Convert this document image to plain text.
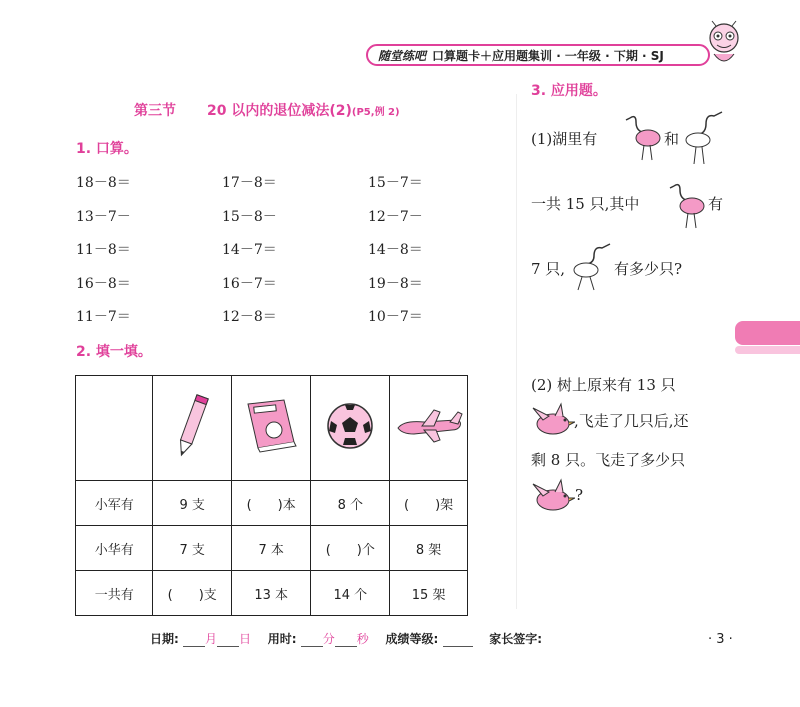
随堂练吧 口算题卡＋应用题集训 · 一年级 · 下期 · SJ
第三节 20 以内的退位减法(2)(P5,例 2)
1. 口算。
18－8＝	17－8＝	15－7＝
13－7－	15－8－	12－7－
11－8＝	14－7＝	14－8＝
16－8＝	16－7＝	19－8＝
11－7＝	12－8＝	10－7＝
2. 填一填。

小军有	9 支	(　　)本	8 个	(　　)架
小华有	7 支	7 本	(　　)个	8 架
一共有	(　　)支	13 本	14 个	15 架
3. 应用题。
(1)湖里有	和
一共 15 只,其中	有
7 只,	有多少只?
(2) 树上原来有 13 只
,飞走了几只后,还
剩 8 只。飞走了多少只
?
日期: 月 日 用时: 分 秒 成绩等级:	家长签字:	· 3 ·
